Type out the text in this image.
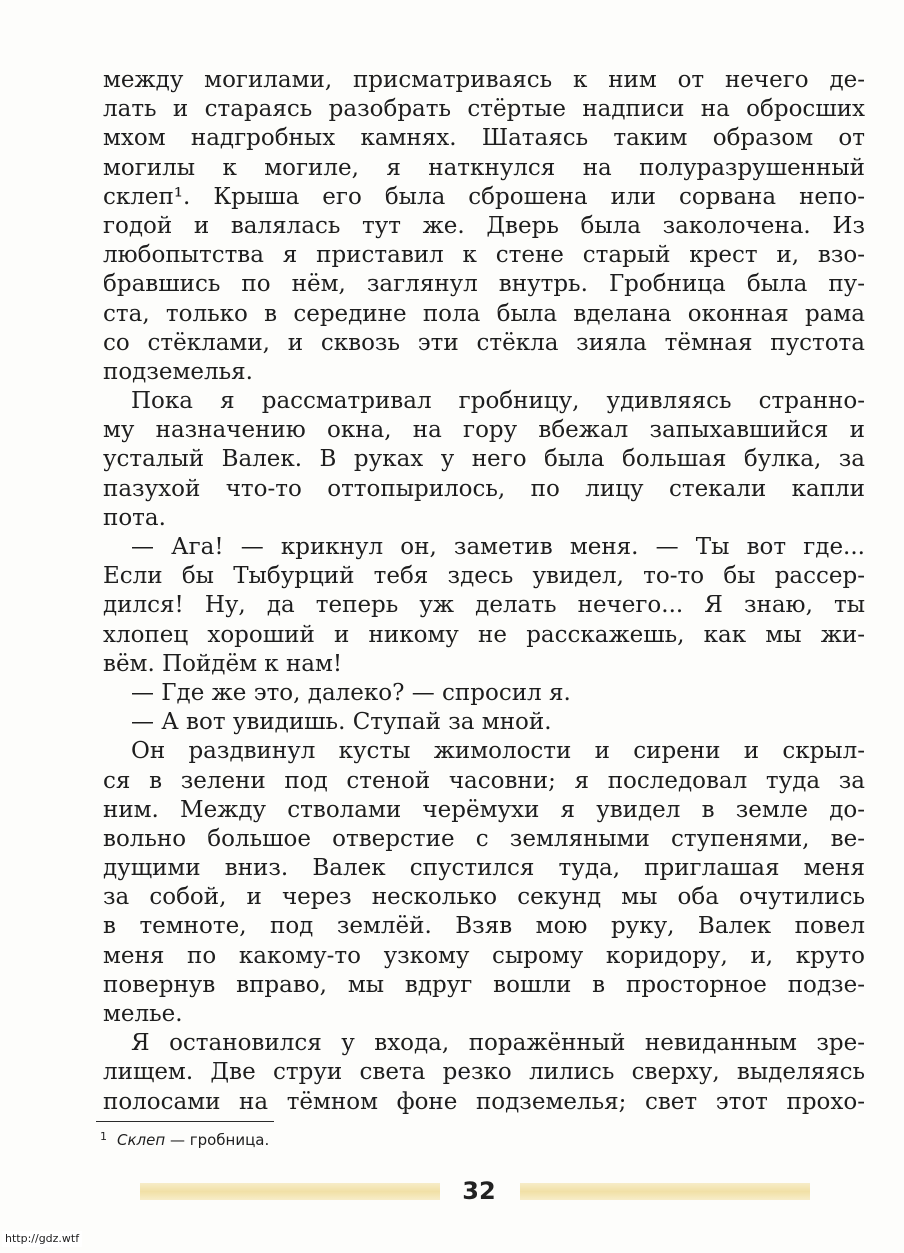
между могилами, присматриваясь к ним от нечего де-
лать и стараясь разобрать стёртые надписи на обросших
мхом надгробных камнях. Шатаясь таким образом от
могилы к могиле, я наткнулся на полуразрушенный
склеп¹. Крыша его была сброшена или сорвана непо-
годой и валялась тут же. Дверь была заколочена. Из
любопытства я приставил к стене старый крест и, взо-
бравшись по нём, заглянул внутрь. Гробница была пу-
ста, только в середине пола была вделана оконная рама
со стёклами, и сквозь эти стёкла зияла тёмная пустота
подземелья.
Пока я рассматривал гробницу, удивляясь странно-
му назначению окна, на гору вбежал запыхавшийся и
усталый Валек. В руках у него была большая булка, за
пазухой что-то оттопырилось, по лицу стекали капли
пота.
— Ага! — крикнул он, заметив меня. — Ты вот где...
Если бы Тыбурций тебя здесь увидел, то-то бы рассер-
дился! Ну, да теперь уж делать нечего... Я знаю, ты
хлопец хороший и никому не расскажешь, как мы жи-
вём. Пойдём к нам!
— Где же это, далеко? — спросил я.
— А вот увидишь. Ступай за мной.
Он раздвинул кусты жимолости и сирени и скрыл-
ся в зелени под стеной часовни; я последовал туда за
ним. Между стволами черёмухи я увидел в земле до-
вольно большое отверстие с земляными ступенями, ве-
дущими вниз. Валек спустился туда, приглашая меня
за собой, и через несколько секунд мы оба очутились
в темноте, под землёй. Взяв мою руку, Валек повел
меня по какому-то узкому сырому коридору, и, круто
повернув вправо, мы вдруг вошли в просторное подзе-
мелье.
Я остановился у входа, поражённый невиданным зре-
лищем. Две струи света резко лились сверху, выделяясь
полосами на тёмном фоне подземелья; свет этот прохо-
$^1$ Склеп — гробница.
32
http://gdz.wtf
